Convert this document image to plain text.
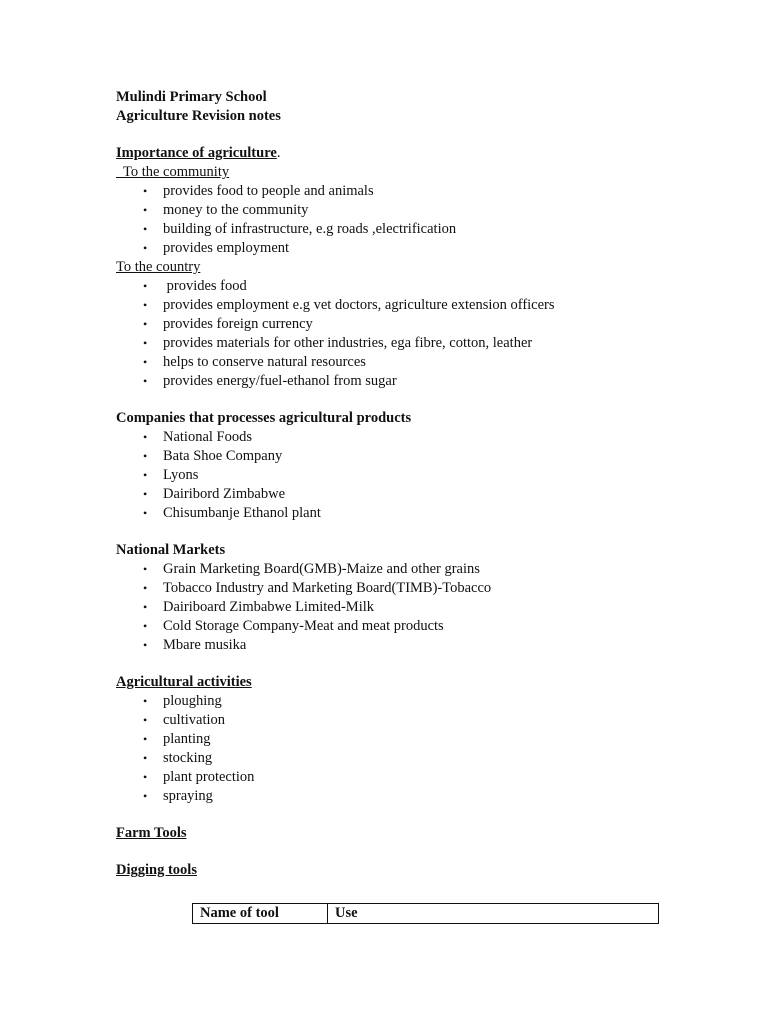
Mulindi Primary School
Agriculture Revision notes
Importance of agriculture.
To the community
• provides food to people and animals
• money to the community
• building of infrastructure, e.g roads ,electrification
• provides employment
To the country
• provides food
• provides employment e.g vet doctors, agriculture extension officers
• provides foreign currency
• provides materials for other industries, ega fibre, cotton, leather
• helps to conserve natural resources
• provides energy/fuel-ethanol from sugar
Companies that processes agricultural products
• National Foods
• Bata Shoe Company
• Lyons
• Dairibord Zimbabwe
• Chisumbanje Ethanol plant
National Markets
• Grain Marketing Board(GMB)-Maize and other grains
• Tobacco Industry and Marketing Board(TIMB)-Tobacco
• Dairiboard Zimbabwe Limited-Milk
• Cold Storage Company-Meat and meat products
• Mbare musika
Agricultural activities
• ploughing
• cultivation
• planting
• stocking
• plant protection
• spraying
Farm Tools
Digging tools
Name of tool	Use
